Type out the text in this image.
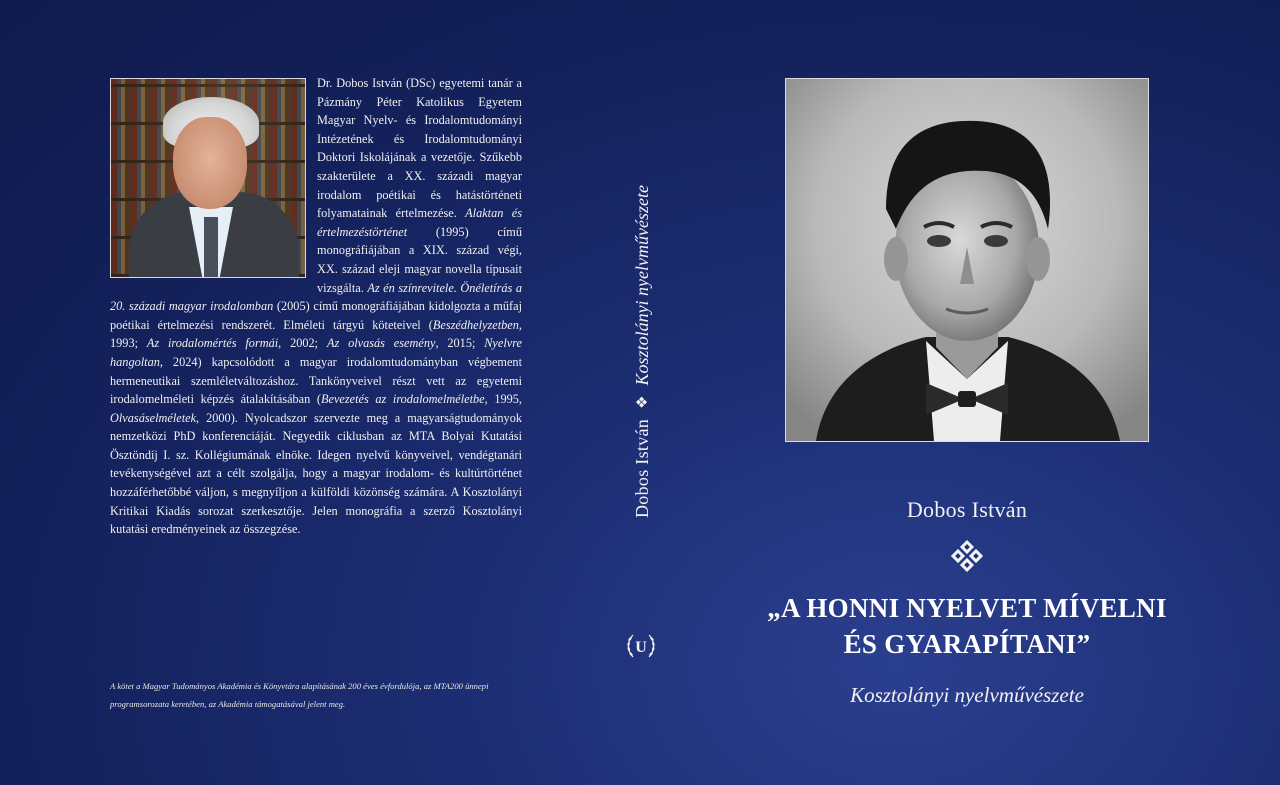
Dr. Dobos István (DSc) egyetemi tanár a Pázmány Péter Katolikus Egyetem Magyar Nyelv- és Irodalomtudományi Intézetének és Irodalomtudományi Doktori Iskolájának a vezetője. Szűkebb szakterülete a XX. századi magyar irodalom poétikai és hatástörténeti folyamatainak értelmezése. Alaktan és értelmezéstörténet (1995) című monográfiájában a XIX. század végi, XX. század eleji magyar novella típusait vizsgálta. Az én színrevitele. Önéletírás a 20. századi magyar irodalomban (2005) című monográfiájában kidolgozta a műfaj poétikai értelmezési rendszerét. Elméleti tárgyú köteteivel (Beszédhelyzetben, 1993; Az irodalomértés formái, 2002; Az olvasás esemény, 2015; Nyelvre hangoltan, 2024) kapcsolódott a magyar irodalomtudományban végbement hermeneutikai szemléletváltozáshoz. Tankönyveivel részt vett az egyetemi irodalomelméleti képzés átalakításában (Bevezetés az irodalomelméletbe, 1995, Olvasáselméletek, 2000). Nyolcadszor szervezte meg a magyarságtudományok nemzetközi PhD konferenciáját. Negyedik ciklusban az MTA Bolyai Kutatási Ösztöndíj I. sz. Kollégiumának elnöke. Idegen nyelvű könyveivel, vendégtanári tevékenységével azt a célt szolgálja, hogy a magyar irodalom- és kultúrtörténet hozzáférhetőbbé váljon, s megnyíljon a külföldi közönség számára. A Kosztolányi Kritikai Kiadás sorozat szerkesztője. Jelen monográfia a szerző Kosztolányi kutatási eredményeinek az összegzése.
A kötet a Magyar Tudományos Akadémia és Könyvtára alapításának 200 éves évfordulója, az MTA200 ünnepi programsorozata keretében, az Akadémia támogatásával jelent meg.
Dobos István
❖
Kosztolányi nyelvművészete
U
Dobos István
„A HONNI NYELVET MÍVELNI
ÉS GYARAPÍTANI”
Kosztolányi nyelvművészete
